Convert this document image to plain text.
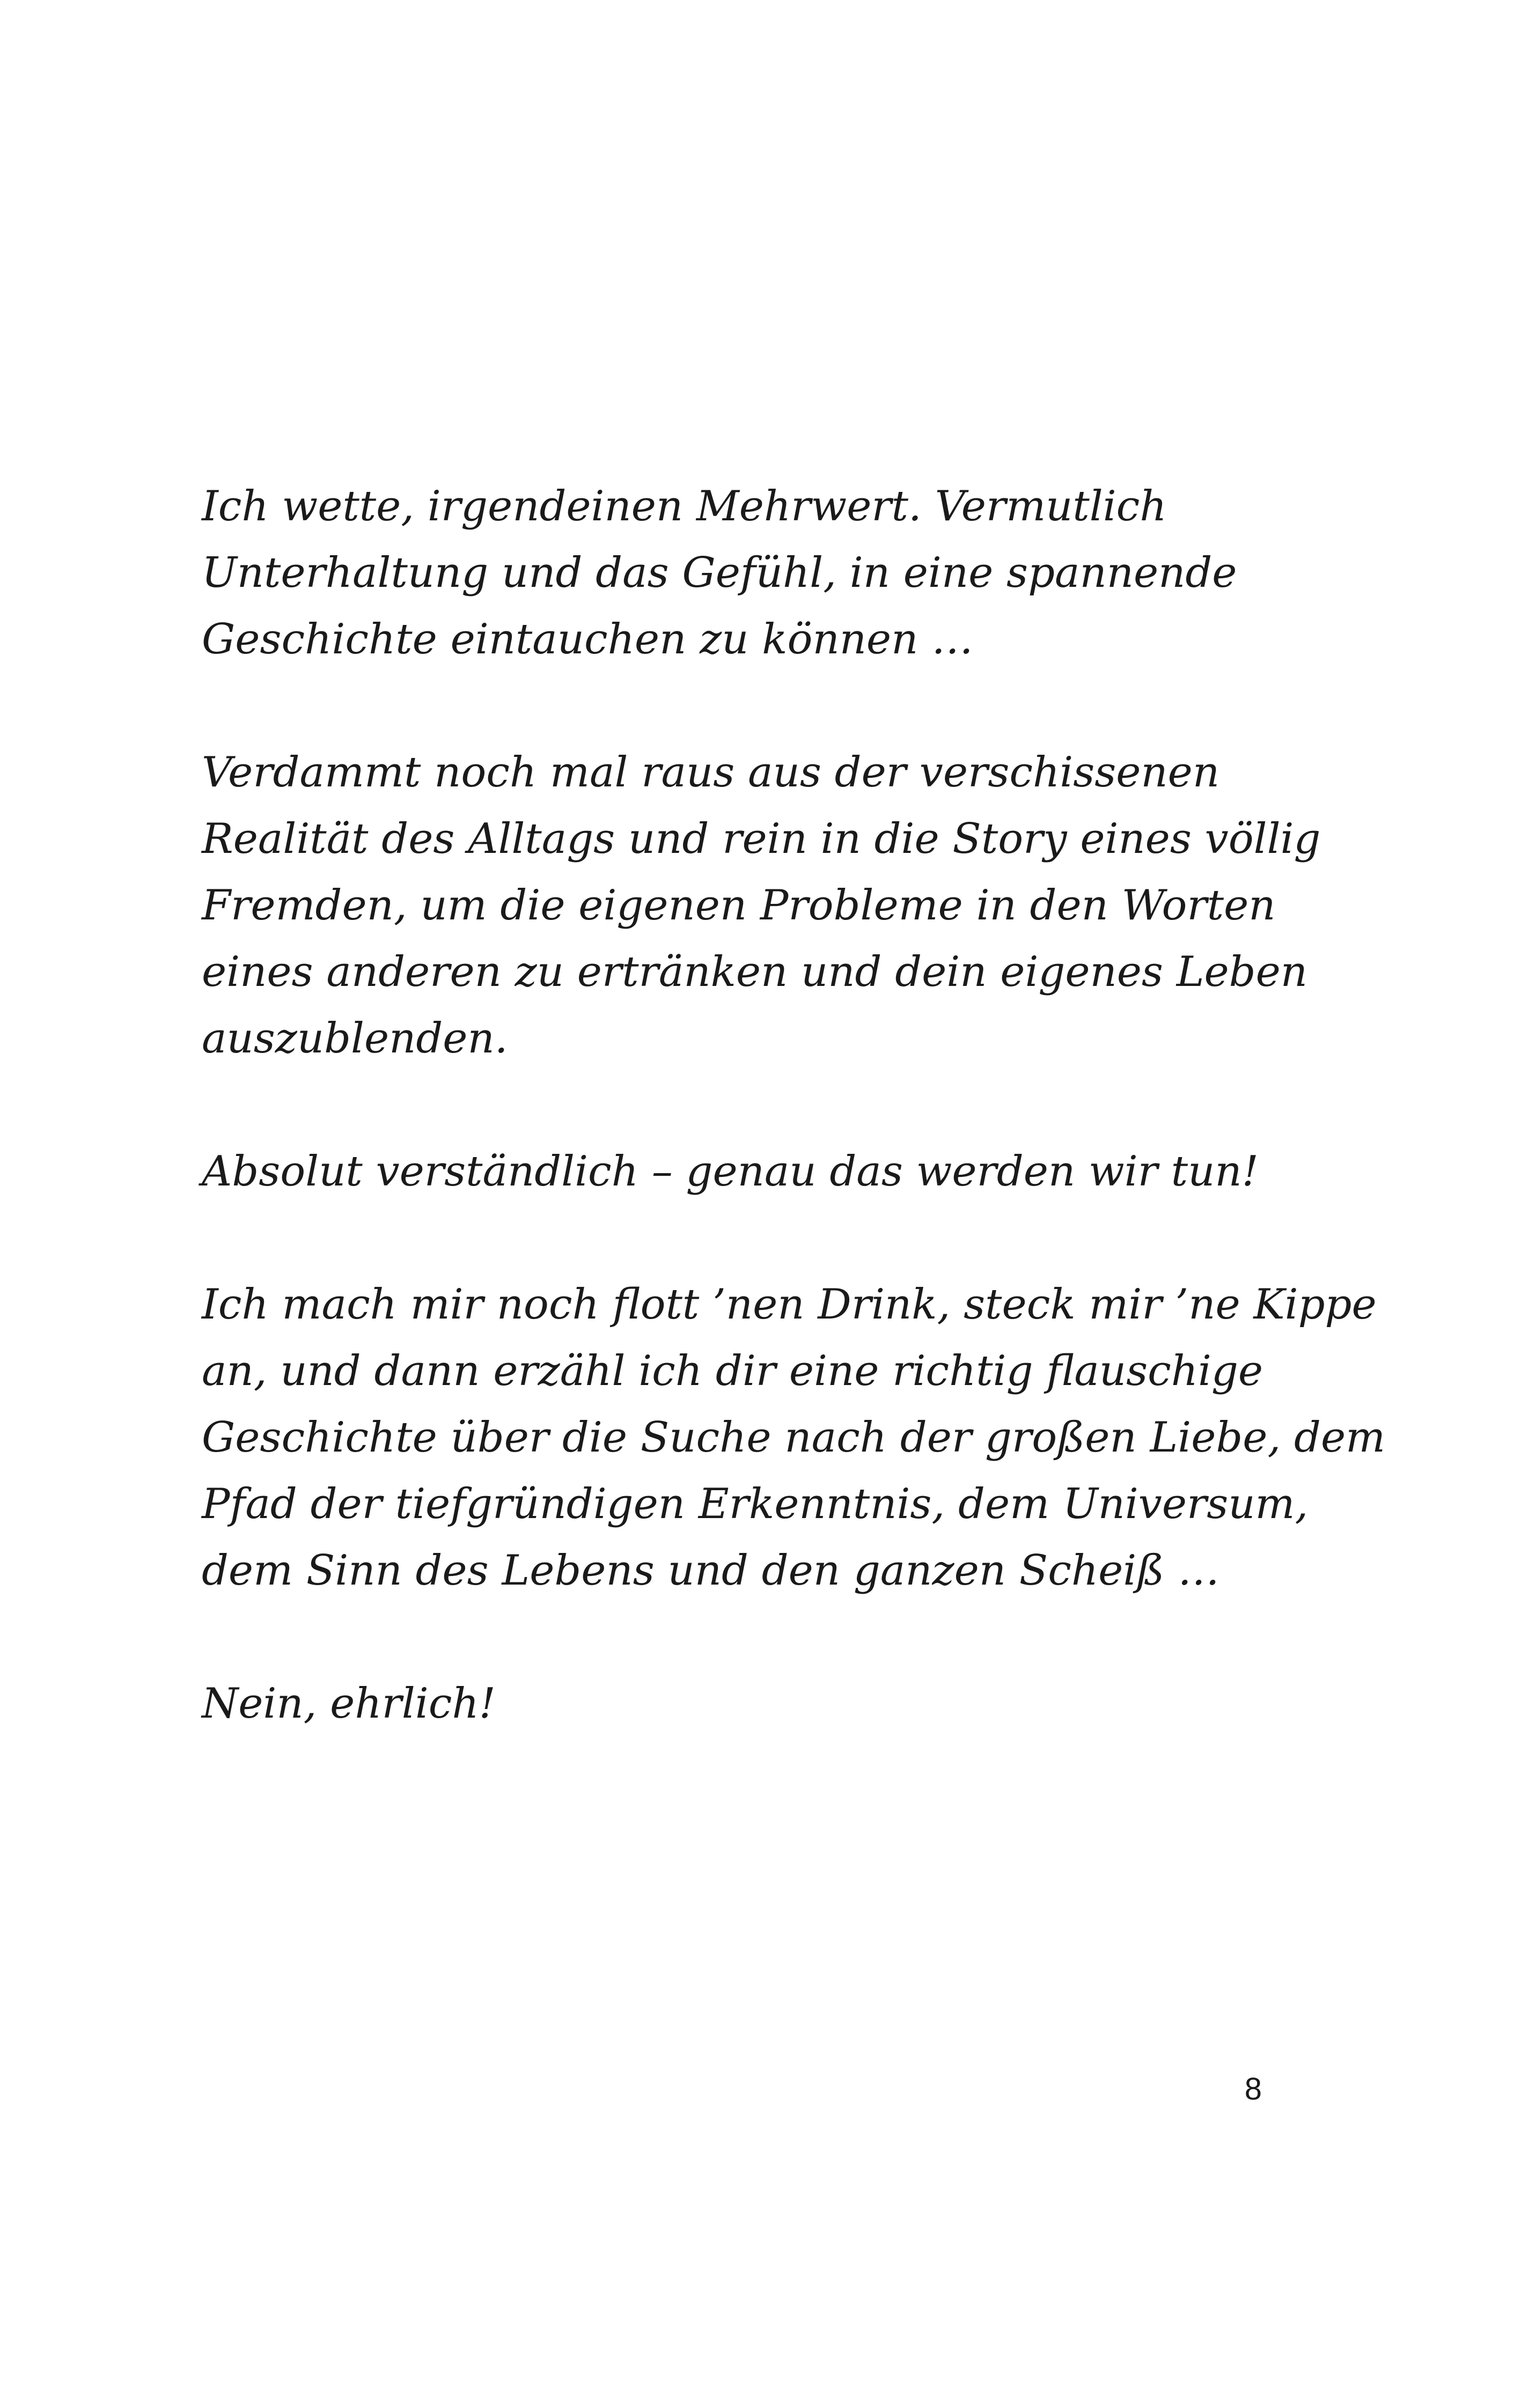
Ich wette, irgendeinen Mehrwert. Vermutlich
Unterhaltung und das Gefühl, in eine spannende
Geschichte eintauchen zu können …

Verdammt noch mal raus aus der verschissenen
Realität des Alltags und rein in die Story eines völlig
Fremden, um die eigenen Probleme in den Worten
eines anderen zu ertränken und dein eigenes Leben
auszublenden.

Absolut verständlich – genau das werden wir tun!

Ich mach mir noch flott ’nen Drink, steck mir ’ne Kippe
an, und dann erzähl ich dir eine richtig flauschige
Geschichte über die Suche nach der großen Liebe, dem
Pfad der tiefgründigen Erkenntnis, dem Universum,
dem Sinn des Lebens und den ganzen Scheiß …

Nein, ehrlich!

8
